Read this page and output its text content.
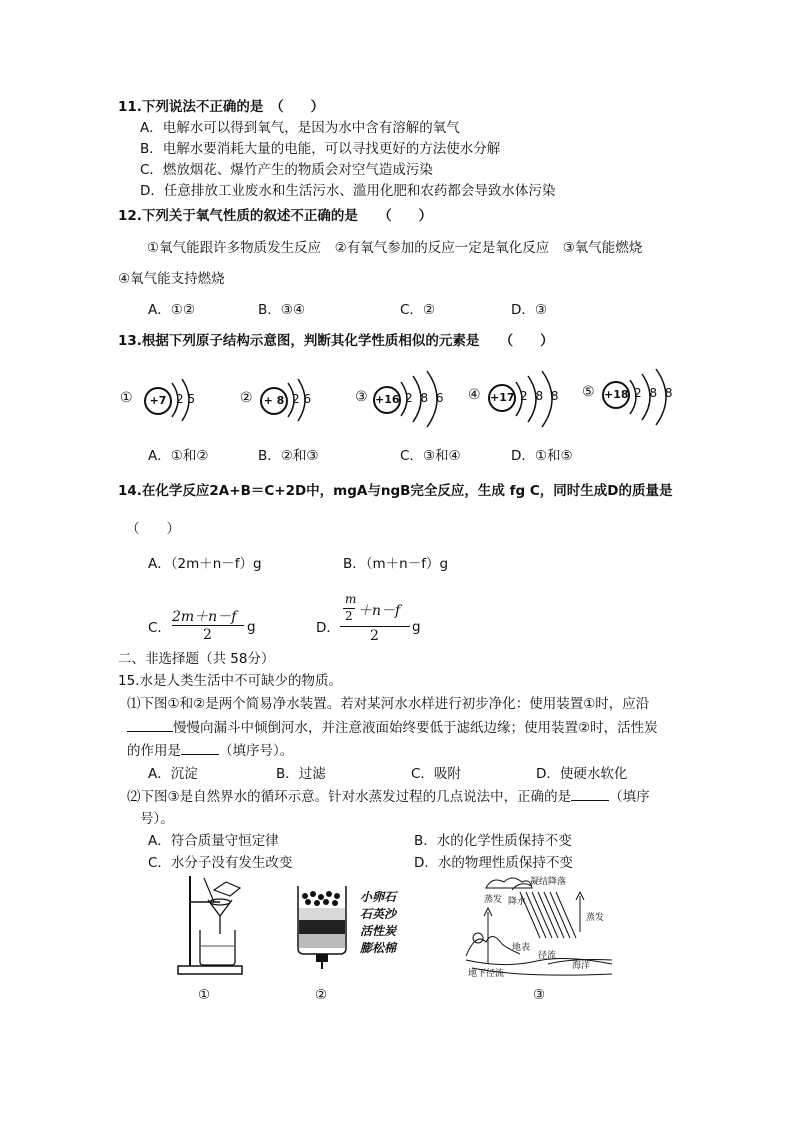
11.下列说法不正确的是　（　　）
A．电解水可以得到氧气，是因为水中含有溶解的氧气
B．电解水要消耗大量的电能，可以寻找更好的方法使水分解
C．燃放烟花、爆竹产生的物质会对空气造成污染
D．任意排放工业废水和生活污水、滥用化肥和农药都会导致水体污染
12.下列关于氧气性质的叙述不正确的是　　（　　）
①氧气能跟许多物质发生反应　②有氧气参加的反应一定是氧化反应　③氧气能燃烧
④氧气能支持燃烧
A．①②	B．③④	C．②	D．③
13.根据下列原子结构示意图，判断其化学性质相似的元素是　　（　　）
①	+7 2 5	②	+ 8 2 6	③ +16 2 8 6 ④ +17 2 8 8 ⑤ +18 2 8 8
A．①和②	B．②和③	C．③和④	D．①和⑤
14.在化学反应2A+B＝C+2D中，mgA与ngB完全反应，生成 fg C，同时生成D的质量是
（　　）
A．（2m＋n－f）g	B．（m＋n－f）g
C．
2m＋n－f
2	g	D．
m
2 ＋n－f
2
g
二、非选择题（共 58分）
15.水是人类生活中不可缺少的物质。
⑴下图①和②是两个简易净水装置。若对某河水水样进行初步净化：使用装置①时，应沿
慢慢向漏斗中倾倒河水，并注意液面始终要低于滤纸边缘；使用装置②时，活性炭
的作用是	（填序号）。
A．沉淀	B．过滤	C．吸附	D．使硬水软化
⑵下图③是自然界水的循环示意。针对水蒸发过程的几点说法中，正确的是	（填序
号）。
A．符合质量守恒定律	B．水的化学性质保持不变
C．水分子没有发生改变	D．水的物理性质保持不变
①
小卵石
石英沙
活性炭
膨松棉
②
凝结降落
蒸发 降水
蒸发
地表
径流
地下径流
海洋
③
